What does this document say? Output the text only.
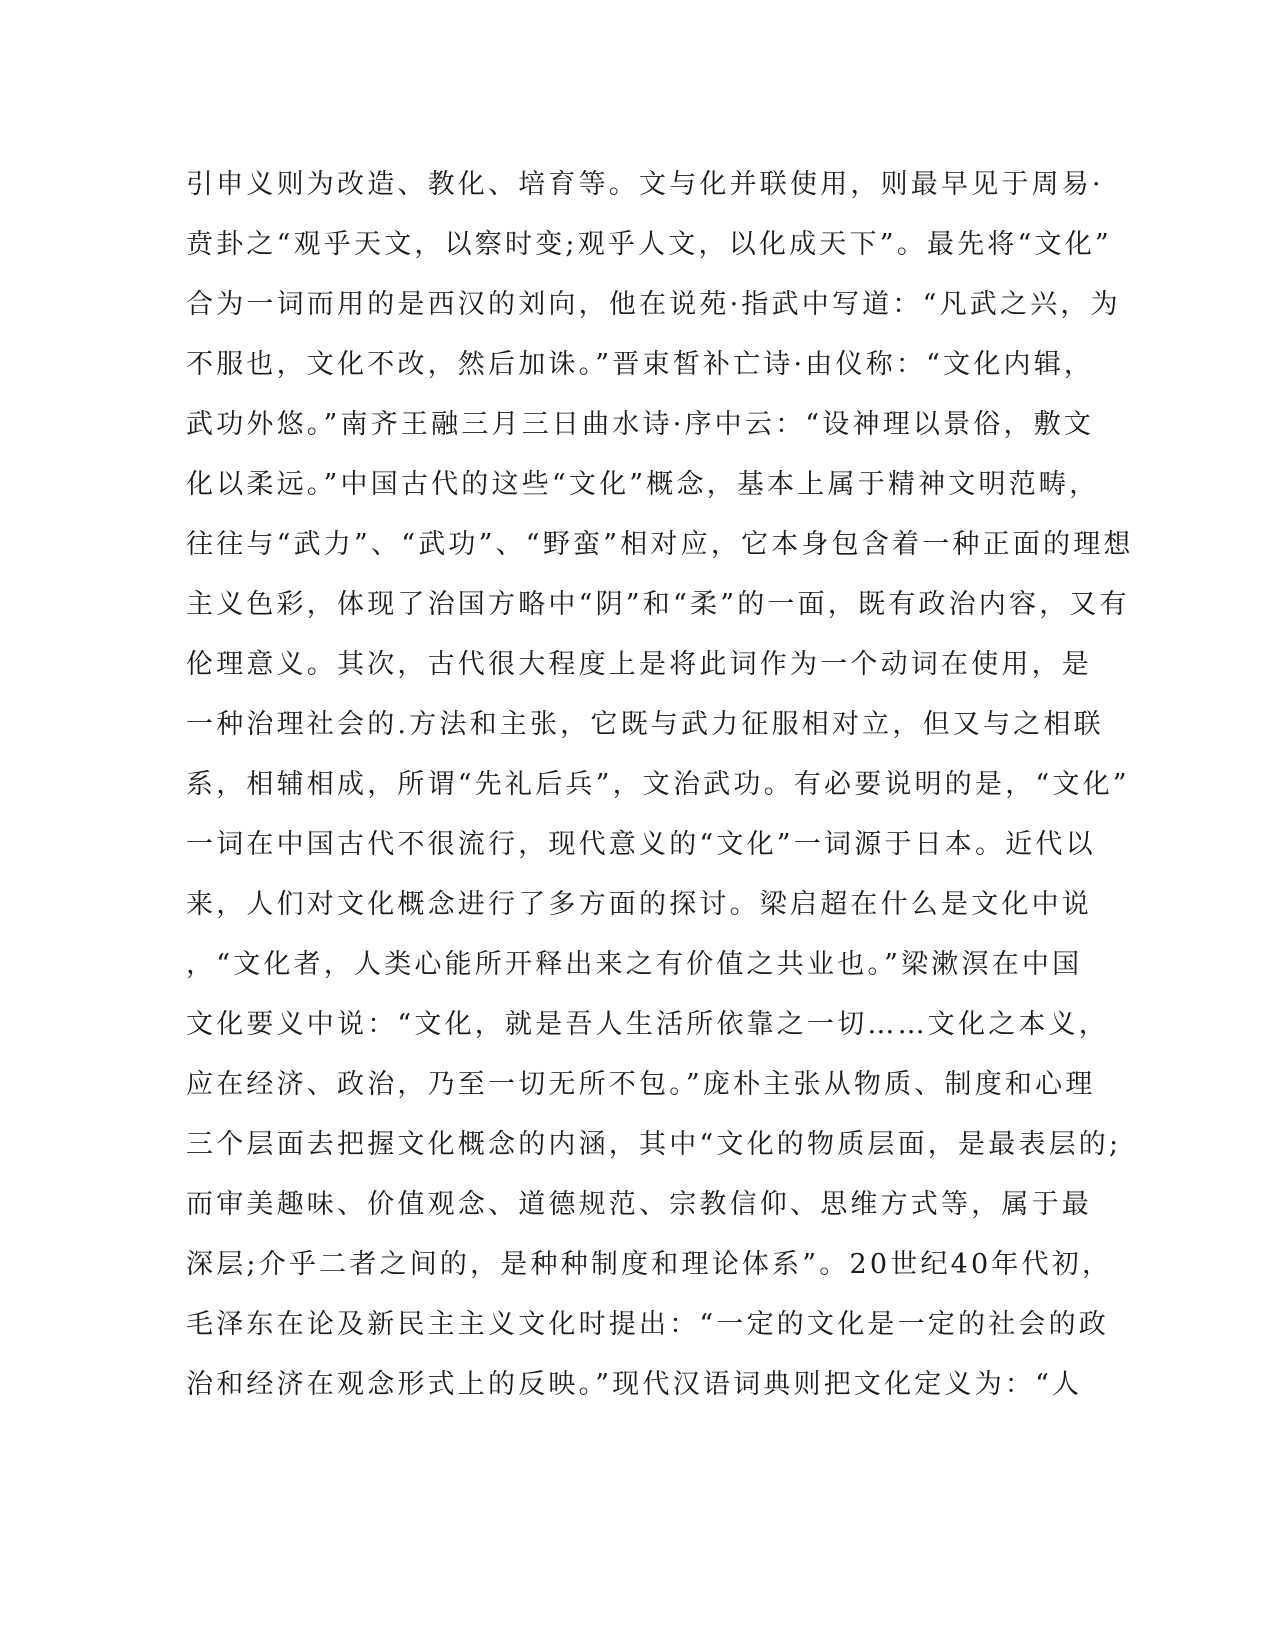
引申义则为改造、教化、培育等。文与化并联使用，则最早见于周易·
贲卦之“观乎天文，以察时变;观乎人文，以化成天下”。最先将“文化”
合为一词而用的是西汉的刘向，他在说苑·指武中写道：“凡武之兴，为
不服也，文化不改，然后加诛。”晋束皙补亡诗·由仪称：“文化内辑，
武功外悠。”南齐王融三月三日曲水诗·序中云：“设神理以景俗，敷文
化以柔远。”中国古代的这些“文化”概念，基本上属于精神文明范畴，
往往与“武力”、“武功”、“野蛮”相对应，它本身包含着一种正面的理想
主义色彩，体现了治国方略中“阴”和“柔”的一面，既有政治内容，又有
伦理意义。其次，古代很大程度上是将此词作为一个动词在使用，是
一种治理社会的.方法和主张，它既与武力征服相对立，但又与之相联
系，相辅相成，所谓“先礼后兵”，文治武功。有必要说明的是，“文化”
一词在中国古代不很流行，现代意义的“文化”一词源于日本。近代以
来，人们对文化概念进行了多方面的探讨。梁启超在什么是文化中说
，“文化者，人类心能所开释出来之有价值之共业也。”梁漱溟在中国
文化要义中说：“文化，就是吾人生活所依靠之一切……文化之本义，
应在经济、政治，乃至一切无所不包。”庞朴主张从物质、制度和心理
三个层面去把握文化概念的内涵，其中“文化的物质层面，是最表层的;
而审美趣味、价值观念、道德规范、宗教信仰、思维方式等，属于最
深层;介乎二者之间的，是种种制度和理论体系”。20世纪40年代初，
毛泽东在论及新民主主义文化时提出：“一定的文化是一定的社会的政
治和经济在观念形式上的反映。”现代汉语词典则把文化定义为：“人
